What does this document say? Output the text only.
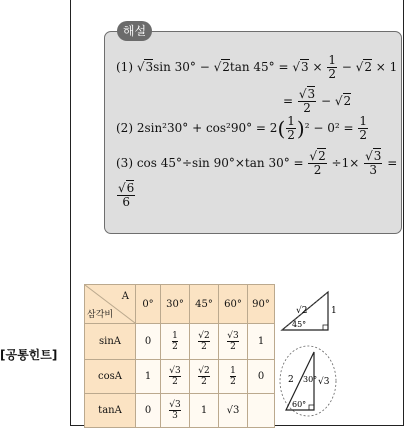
해설
(1) √3sin 30° − √2tan $45^\circ = √3 \times \frac{1}{2} - √2 \times 1$
= $\frac{√3}{2} - √2$
(2) $2\sin^230^\circ + \cos^290^\circ = 2( \frac{1}{2} )^2 - 0^2 = \frac{1}{2}$
(3) cos 45°÷sin 90°×tan $30^\circ = \frac{√2}{2} \div 1\times \frac{√3}{3}$ =
$\frac{√6}{6}$
[공통힌트]
A
삼각비	0°	30°	45°	60°	90°
sinA	0	$\frac{1}{2}$	$\frac{√2}{2}$	$\frac{√3}{2}$	1
cosA	1	$\frac{√3}{2}$	$\frac{√2}{2}$	$\frac{1}{2}$	0
tanA	0	$\frac{√3}{3}$	1	√3	
√2	1
45°
2	√3
30°
60°
